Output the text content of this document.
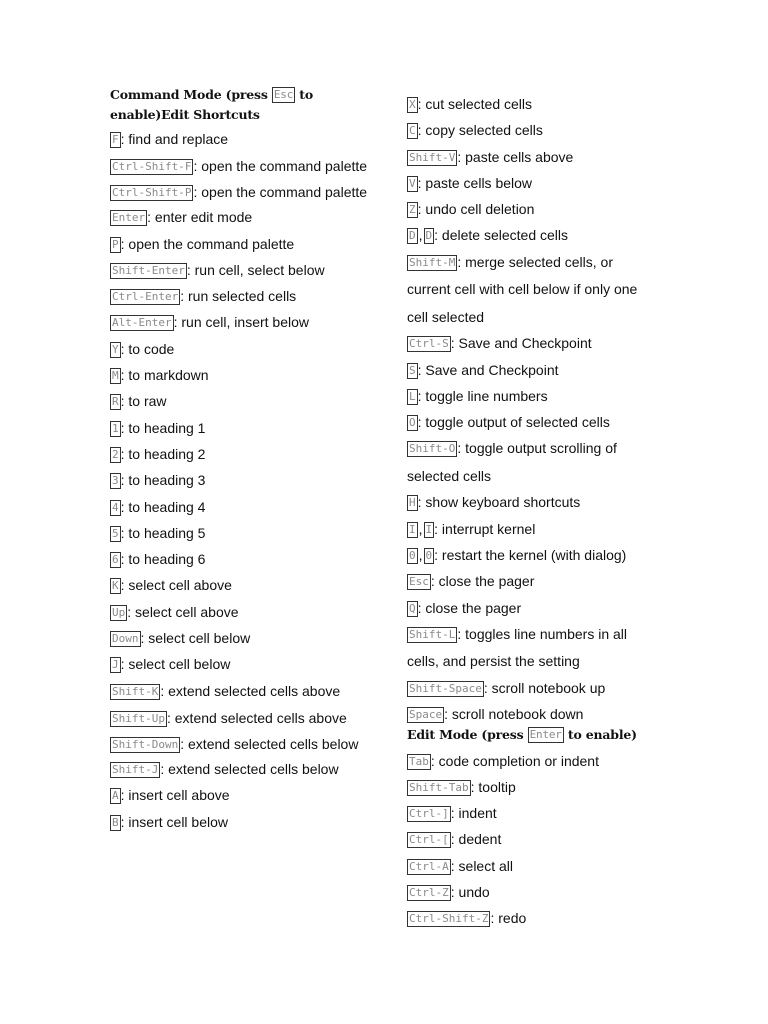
Command Mode (press Esc to enable)Edit Shortcuts
F : find and replace
Ctrl-Shift-F : open the command palette
Ctrl-Shift-P : open the command palette
Enter : enter edit mode
P : open the command palette
Shift-Enter : run cell, select below
Ctrl-Enter : run selected cells
Alt-Enter : run cell, insert below
Y : to code
M : to markdown
R : to raw
1 : to heading 1
2 : to heading 2
3 : to heading 3
4 : to heading 4
5 : to heading 5
6 : to heading 6
K : select cell above
Up : select cell above
Down : select cell below
J : select cell below
Shift-K : extend selected cells above
Shift-Up : extend selected cells above
Shift-Down : extend selected cells below
Shift-J : extend selected cells below
A : insert cell above
B : insert cell below
X : cut selected cells
C : copy selected cells
Shift-V : paste cells above
V : paste cells below
Z : undo cell deletion
D , D : delete selected cells
Shift-M : merge selected cells, or current cell with cell below if only one cell selected
Ctrl-S : Save and Checkpoint
S : Save and Checkpoint
L : toggle line numbers
O : toggle output of selected cells
Shift-O : toggle output scrolling of selected cells
H : show keyboard shortcuts
I , I : interrupt kernel
0 , 0 : restart the kernel (with dialog)
Esc : close the pager
Q : close the pager
Shift-L : toggles line numbers in all cells, and persist the setting
Shift-Space : scroll notebook up
Space : scroll notebook down
Edit Mode (press Enter to enable)
Tab : code completion or indent
Shift-Tab : tooltip
Ctrl-] : indent
Ctrl-[ : dedent
Ctrl-A : select all
Ctrl-Z : undo
Ctrl-Shift-Z : redo
